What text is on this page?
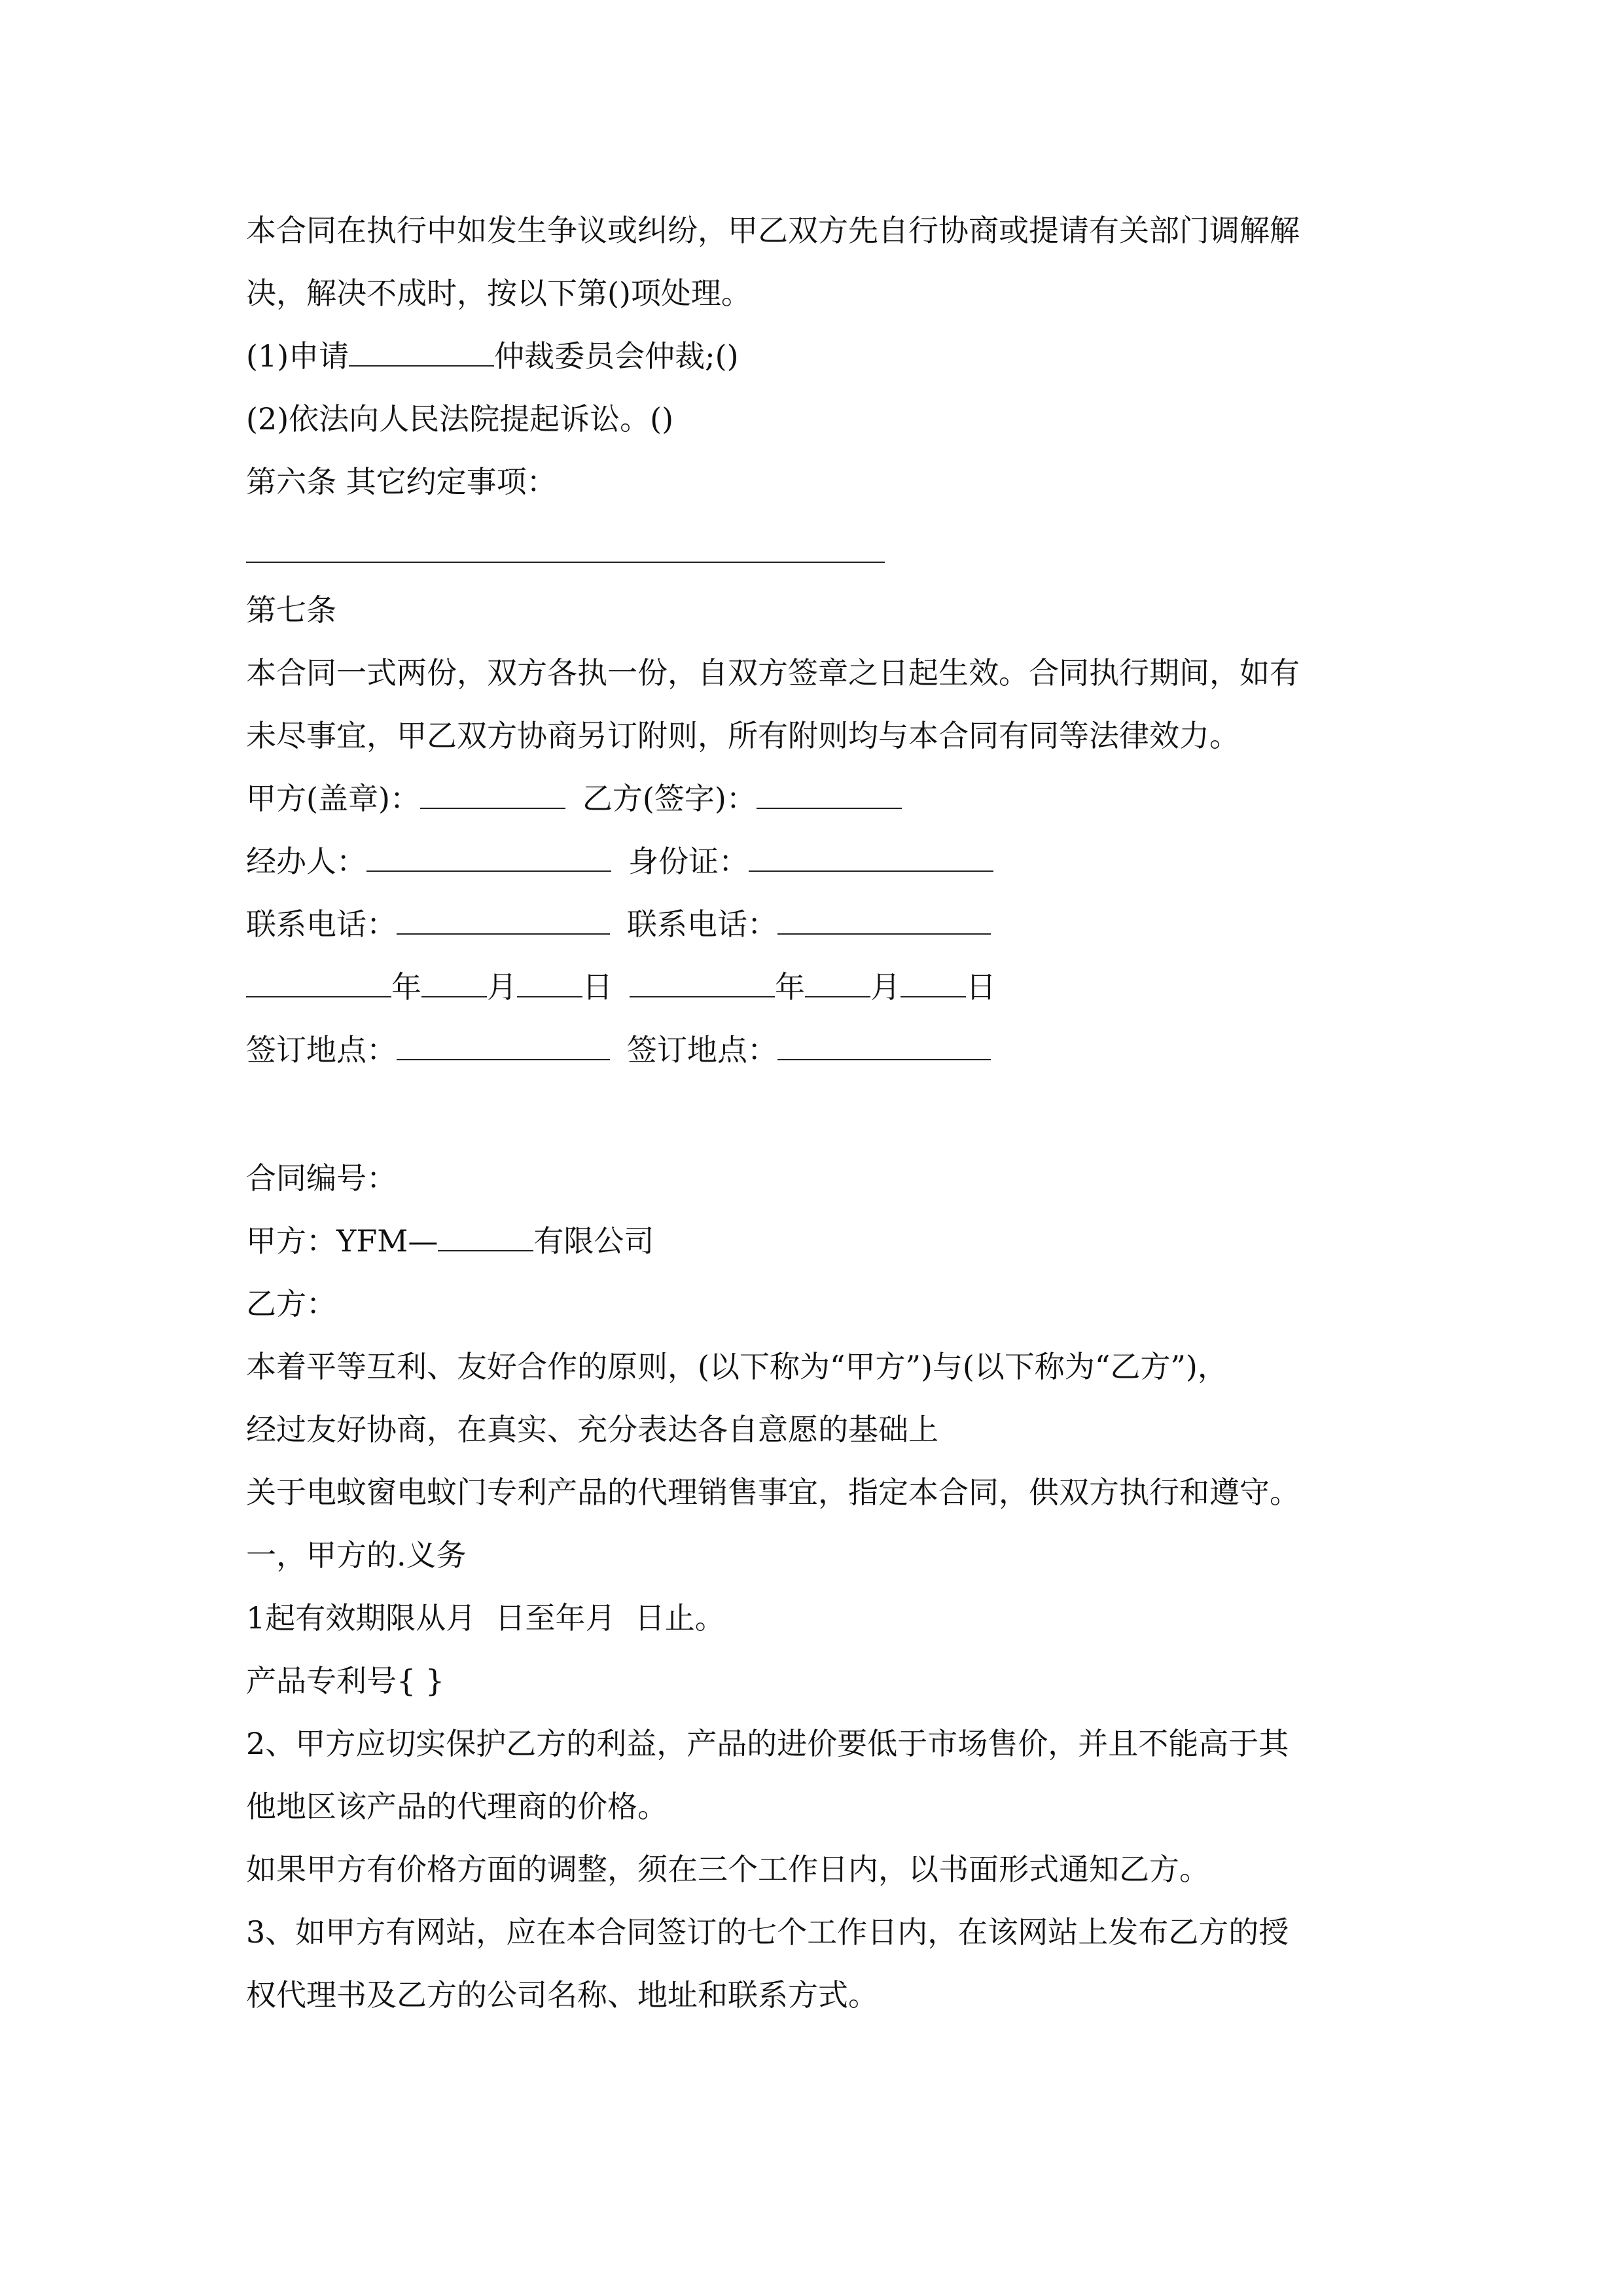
本合同在执行中如发生争议或纠纷，甲乙双方先自行协商或提请有关部门调解解
决，解决不成时，按以下第()项处理。
(1)申请	仲裁委员会仲裁;()
(2)依法向人民法院提起诉讼。()
第六条 其它约定事项：
第七条
本合同一式两份，双方各执一份，自双方签章之日起生效。合同执行期间，如有
未尽事宜，甲乙双方协商另订附则，所有附则均与本合同有同等法律效力。
甲方(盖章)：	乙方(签字)：
经办人：	身份证：
联系电话：	联系电话：
年 月 日	年 月 日
签订地点：	签订地点：
合同编号：
甲方：YFM—	有限公司
乙方：
本着平等互利、友好合作的原则，(以下称为“甲方”)与(以下称为“乙方”)，
经过友好协商，在真实、充分表达各自意愿的基础上
关于电蚊窗电蚊门专利产品的代理销售事宜，指定本合同，供双方执行和遵守。
一，甲方的.义务
1起有效期限从月  日至年月  日止。
产品专利号{ }
2、甲方应切实保护乙方的利益，产品的进价要低于市场售价，并且不能高于其
他地区该产品的代理商的价格。
如果甲方有价格方面的调整，须在三个工作日内，以书面形式通知乙方。
3、如甲方有网站，应在本合同签订的七个工作日内，在该网站上发布乙方的授
权代理书及乙方的公司名称、地址和联系方式。
